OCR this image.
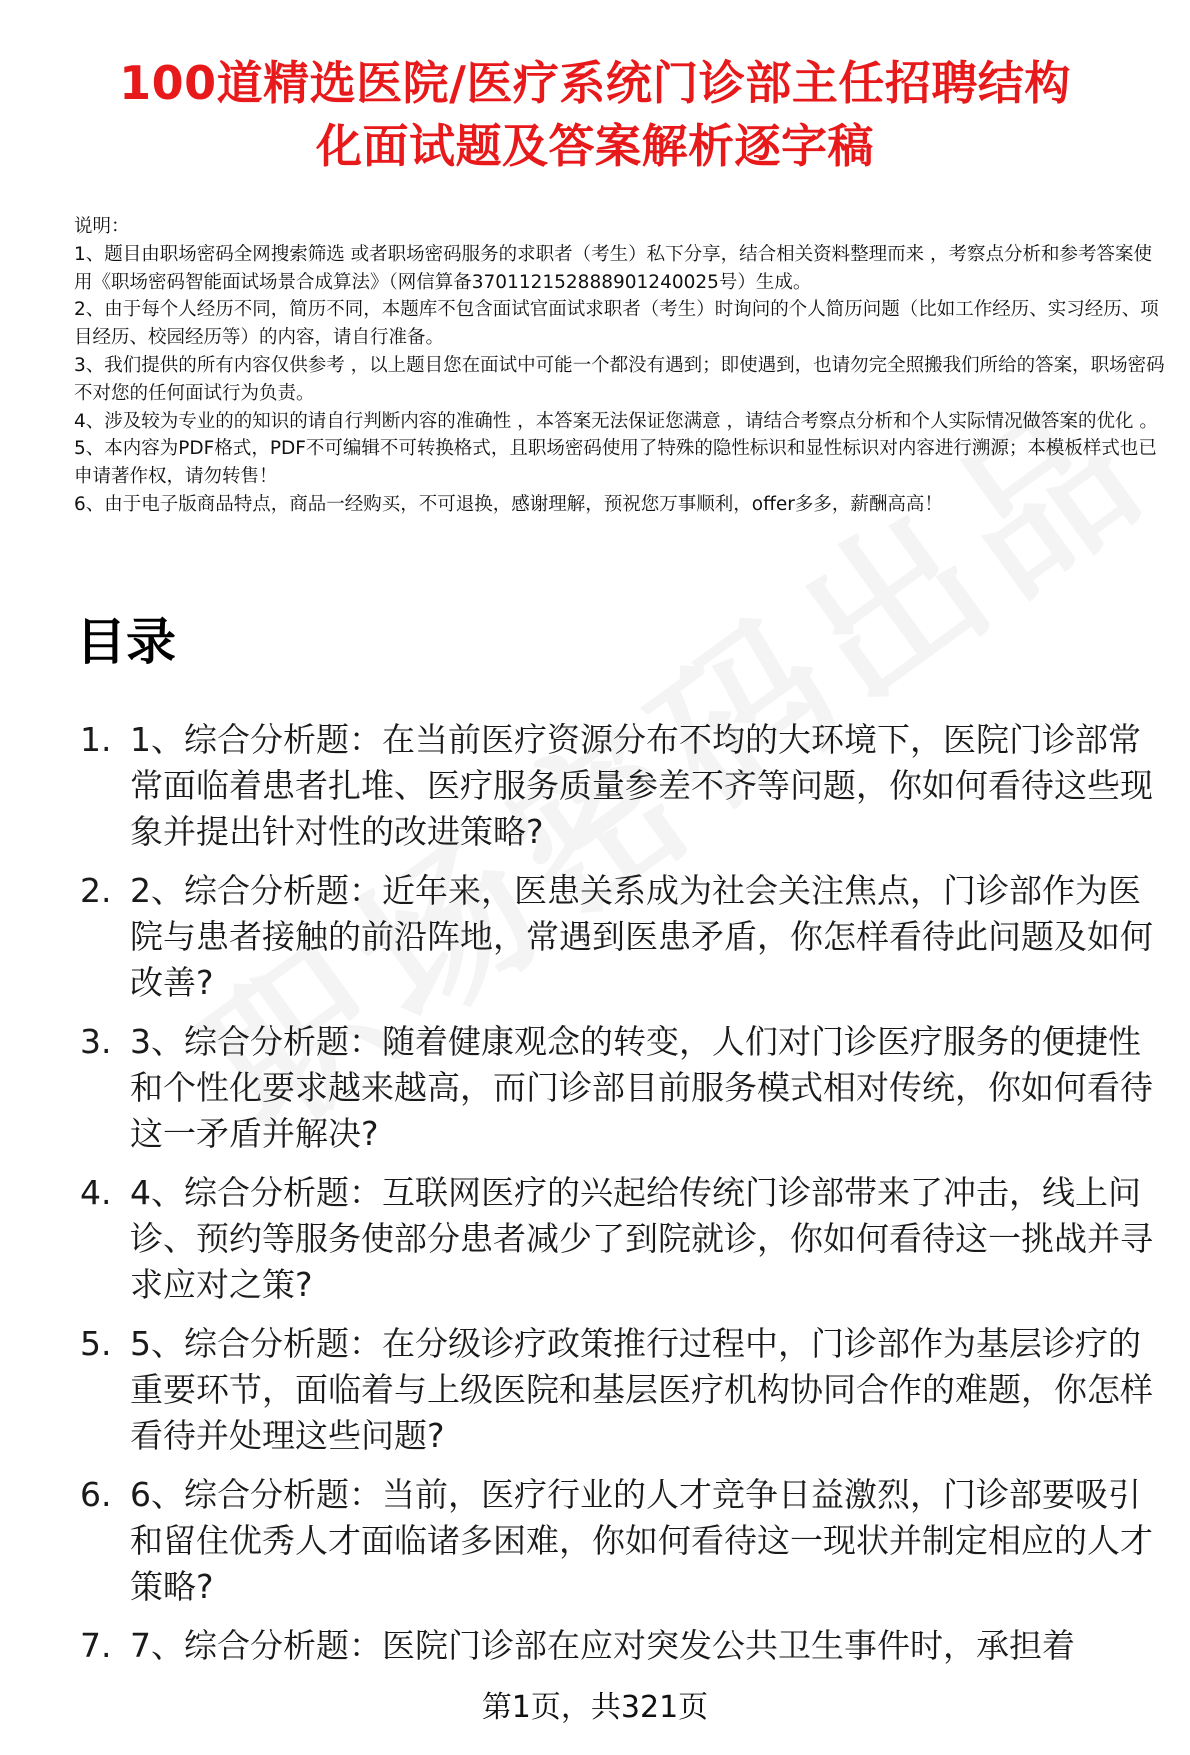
100道精选医院/医疗系统门诊部主任招聘结构
化面试题及答案解析逐字稿

说明：

1、题目由职场密码全网搜索筛选 或者职场密码服务的求职者（考生）私下分享，结合相关资料整理而来 ，考察点分析和参考答案使用《职场密码智能面试场景合成算法》（网信算备370112152888901240025号）生成。

2、由于每个人经历不同，简历不同，本题库不包含面试官面试求职者（考生）时询问的个人简历问题（比如工作经历、实习经历、项目经历、校园经历等）的内容，请自行准备。

3、我们提供的所有内容仅供参考 ，以上题目您在面试中可能一个都没有遇到；即使遇到，也请勿完全照搬我们所给的答案，职场密码不对您的任何面试行为负责。

4、涉及较为专业的的知识的请自行判断内容的准确性 ，本答案无法保证您满意 ，请结合考察点分析和个人实际情况做答案的优化 。

5、本内容为PDF格式，PDF不可编辑不可转换格式，且职场密码使用了特殊的隐性标识和显性标识对内容进行溯源；本模板样式也已申请著作权，请勿转售！

6、由于电子版商品特点，商品一经购买，不可退换，感谢理解，预祝您万事顺利，offer多多，薪酬高高！

目录
1. 1、综合分析题：在当前医疗资源分布不均的大环境下，医院门诊部常常面临着患者扎堆、医疗服务质量参差不齐等问题，你如何看待这些现象并提出针对性的改进策略?
2. 2、综合分析题：近年来，医患关系成为社会关注焦点，门诊部作为医院与患者接触的前沿阵地，常遇到医患矛盾，你怎样看待此问题及如何改善?
3. 3、综合分析题：随着健康观念的转变，人们对门诊医疗服务的便捷性和个性化要求越来越高，而门诊部目前服务模式相对传统，你如何看待这一矛盾并解决?
4. 4、综合分析题：互联网医疗的兴起给传统门诊部带来了冲击，线上问诊、预约等服务使部分患者减少了到院就诊，你如何看待这一挑战并寻求应对之策?
5. 5、综合分析题：在分级诊疗政策推行过程中，门诊部作为基层诊疗的重要环节，面临着与上级医院和基层医疗机构协同合作的难题，你怎样看待并处理这些问题?
6. 6、综合分析题：当前，医疗行业的人才竞争日益激烈，门诊部要吸引和留住优秀人才面临诸多困难，你如何看待这一现状并制定相应的人才策略?
7. 7、综合分析题：医院门诊部在应对突发公共卫生事件时，承担着
第1页，共321页
